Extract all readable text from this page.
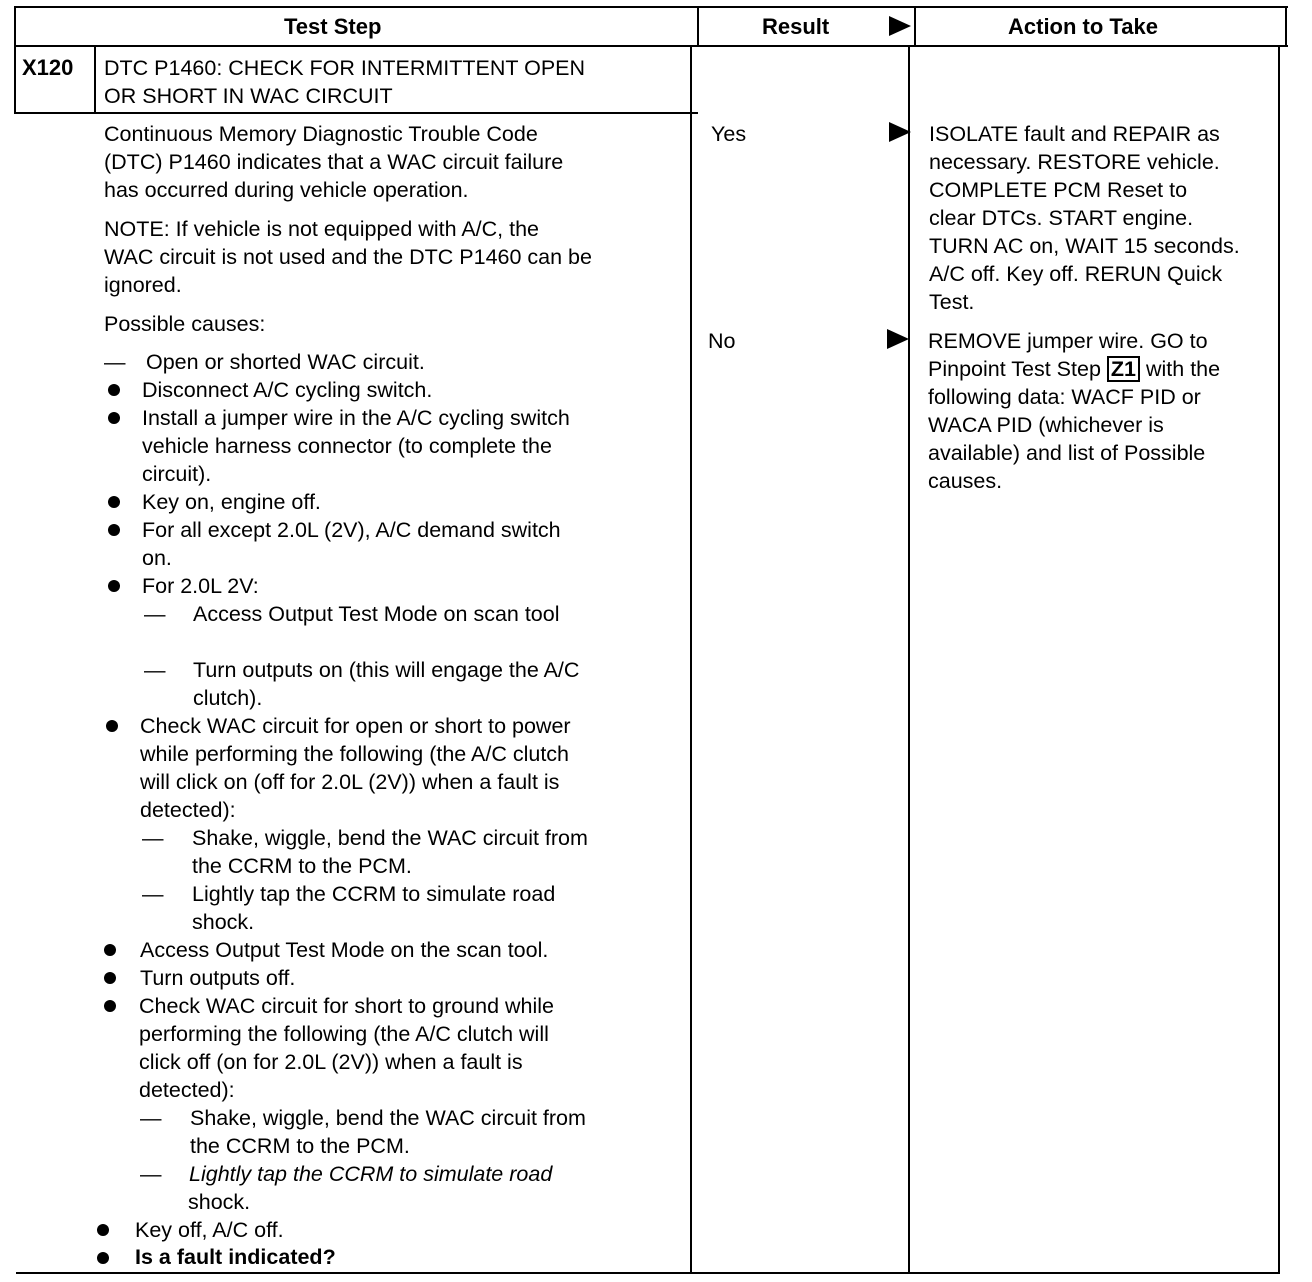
Test Step	Result	Action to Take
X120 DTC P1460: CHECK FOR INTERMITTENT OPEN
OR SHORT IN WAC CIRCUIT
Continuous Memory Diagnostic Trouble Code
(DTC) P1460 indicates that a WAC circuit failure
has occurred during vehicle operation.
NOTE: If vehicle is not equipped with A/C, the
WAC circuit is not used and the DTC P1460 can be
ignored.
Possible causes:
— Open or shorted WAC circuit.
Disconnect A/C cycling switch.
Install a jumper wire in the A/C cycling switch
vehicle harness connector (to complete the
circuit).
Key on, engine off.
For all except 2.0L (2V), A/C demand switch
on.
For 2.0L 2V:
— Access Output Test Mode on scan tool
— Turn outputs on (this will engage the A/C
clutch).
Check WAC circuit for open or short to power
while performing the following (the A/C clutch
will click on (off for 2.0L (2V)) when a fault is
detected):
— Shake, wiggle, bend the WAC circuit from
the CCRM to the PCM.
— Lightly tap the CCRM to simulate road
shock.
Access Output Test Mode on the scan tool.
Turn outputs off.
Check WAC circuit for short to ground while
performing the following (the A/C clutch will
click off (on for 2.0L (2V)) when a fault is
detected):
— Shake, wiggle, bend the WAC circuit from
the CCRM to the PCM.
— Lightly tap the CCRM to simulate road
shock.
Key off, A/C off.
Is a fault indicated?
Yes
No
ISOLATE fault and REPAIR as
necessary. RESTORE vehicle.
COMPLETE PCM Reset to
clear DTCs. START engine.
TURN AC on, WAIT 15 seconds.
A/C off. Key off. RERUN Quick
Test.
REMOVE jumper wire. GO to
Pinpoint Test Step Z1 with the
following data: WACF PID or
WACA PID (whichever is
available) and list of Possible
causes.
